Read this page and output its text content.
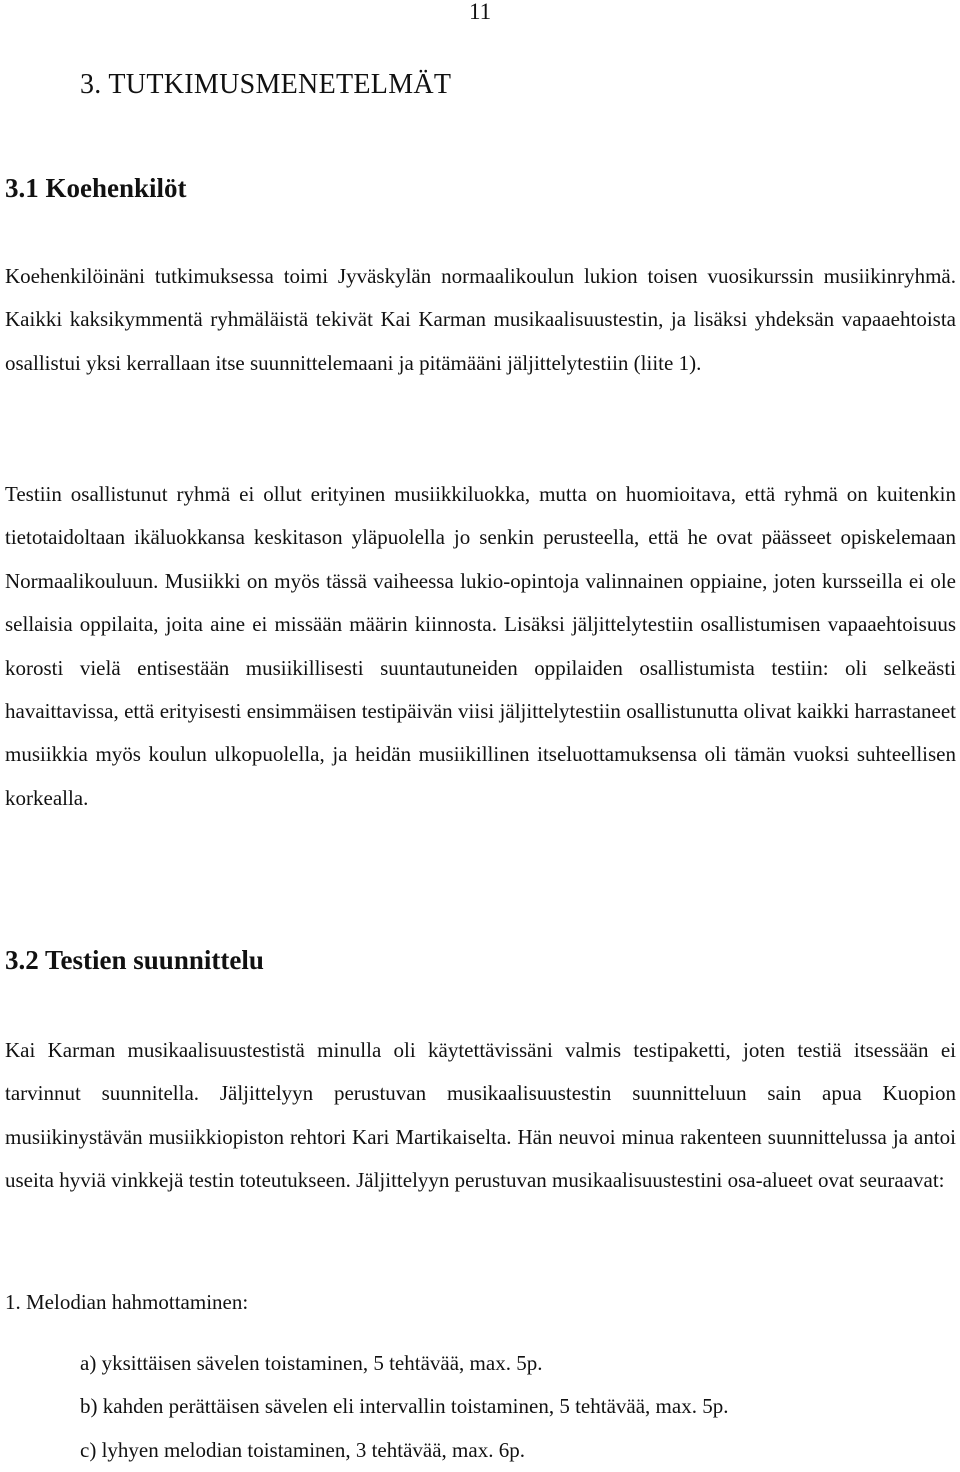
11
3. TUTKIMUSMENETELMÄT
3.1 Koehenkilöt

Koehenkilöinäni tutkimuksessa toimi Jyväskylän normaalikoulun lukion toisen vuosikurssin musiikinryhmä. Kaikki kaksikymmentä ryhmäläistä tekivät Kai Karman musikaalisuustestin, ja lisäksi yhdeksän vapaaehtoista osallistui yksi kerrallaan itse suunnittelemaani ja pitämääni jäljittelytestiin (liite 1).

Testiin osallistunut ryhmä ei ollut erityinen musiikkiluokka, mutta on huomioitava, että ryhmä on kuitenkin tietotaidoltaan ikäluokkansa keskitason yläpuolella jo senkin perusteella, että he ovat päässeet opiskelemaan Normaalikouluun. Musiikki on myös tässä vaiheessa lukio-opintoja valinnainen oppiaine, joten kursseilla ei ole sellaisia oppilaita, joita aine ei missään määrin kiinnosta. Lisäksi jäljittelytestiin osallistumisen vapaaehtoisuus korosti vielä entisestään musiikillisesti suuntautuneiden oppilaiden osallistumista testiin: oli selkeästi havaittavissa, että erityisesti ensimmäisen testipäivän viisi jäljittelytestiin osallistunutta olivat kaikki harrastaneet musiikkia myös koulun ulkopuolella, ja heidän musiikillinen itseluottamuksensa oli tämän vuoksi suhteellisen korkealla.

3.2 Testien suunnittelu

Kai Karman musikaalisuustestistä minulla oli käytettävissäni valmis testipaketti, joten testiä itsessään ei tarvinnut suunnitella. Jäljittelyyn perustuvan musikaalisuustestin suunnitteluun sain apua Kuopion musiikinystävän musiikkiopiston rehtori Kari Martikaiselta. Hän neuvoi minua rakenteen suunnittelussa ja antoi useita hyviä vinkkejä testin toteutukseen. Jäljittelyyn perustuvan musikaalisuustestini osa-alueet ovat seuraavat:

1. Melodian hahmottaminen:

a) yksittäisen sävelen toistaminen, 5 tehtävää, max. 5p.
b) kahden perättäisen sävelen eli intervallin toistaminen, 5 tehtävää, max. 5p.
c) lyhyen melodian toistaminen, 3 tehtävää, max. 6p.
